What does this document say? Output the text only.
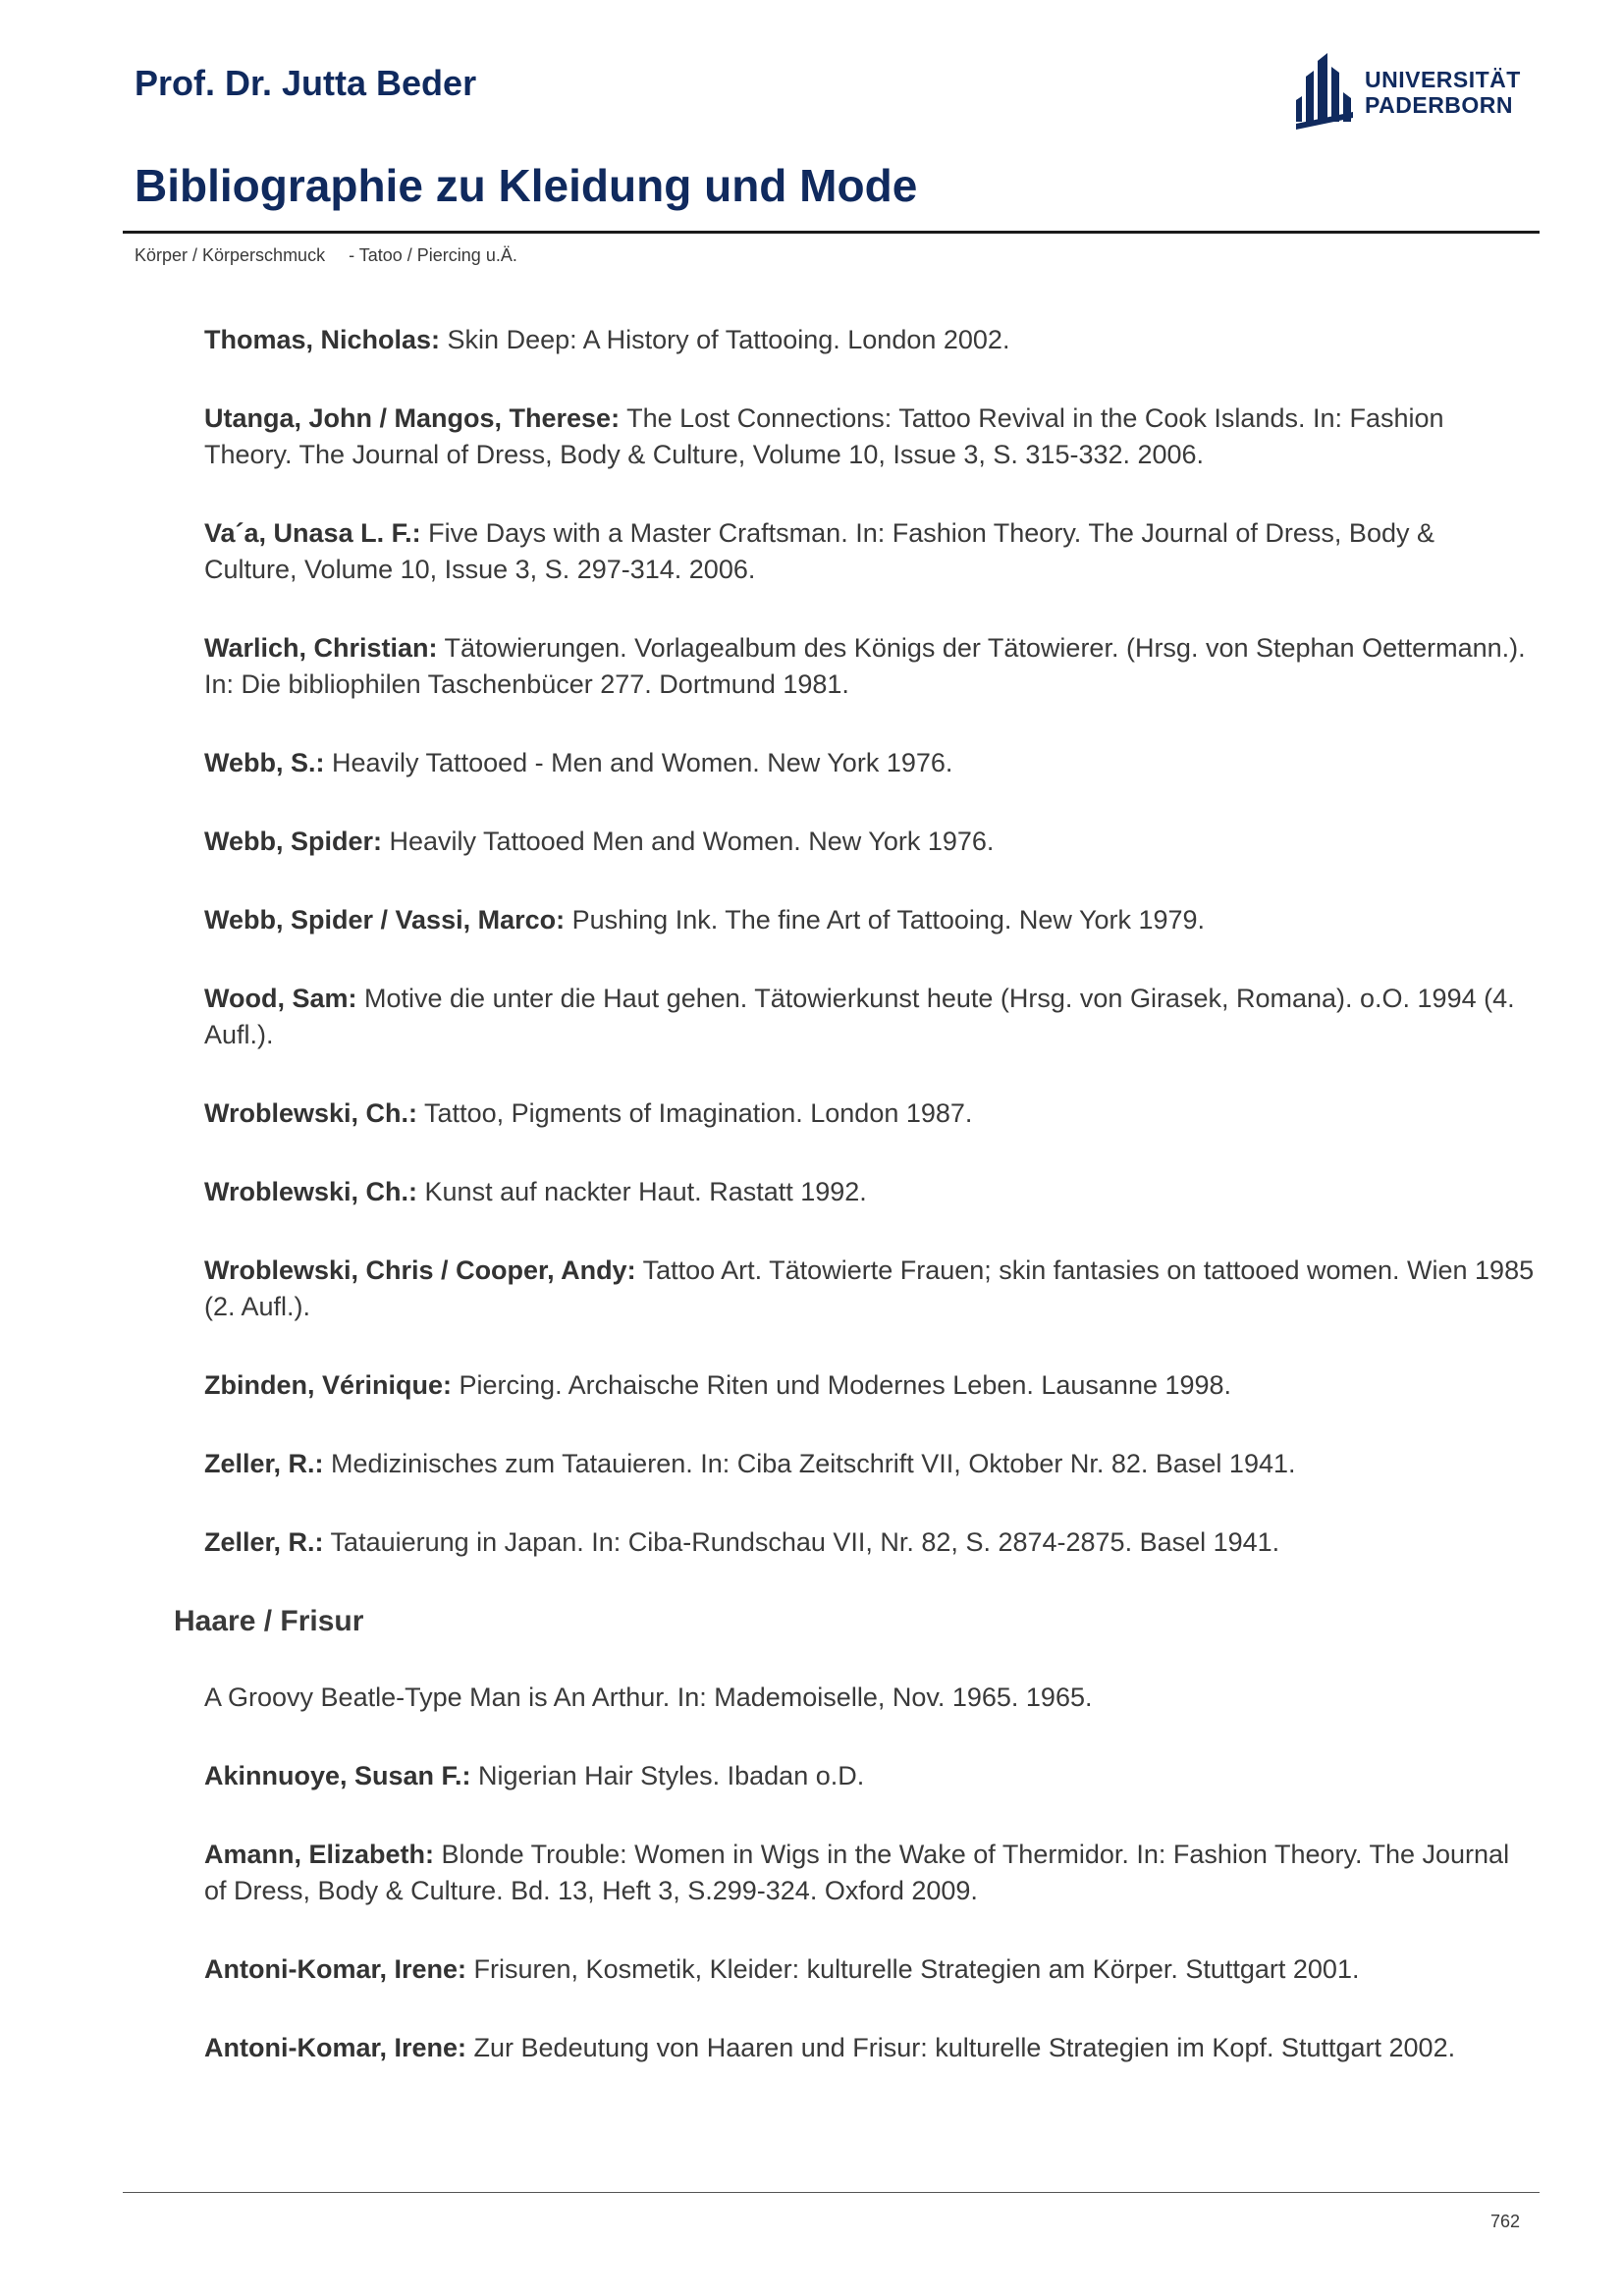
Prof. Dr. Jutta Beder	UNIVERSITÄT
PADERBORN
Bibliographie zu Kleidung und Mode
Körper / Körperschmuck - Tatoo / Piercing u.Ä.
Thomas, Nicholas: Skin Deep: A History of Tattooing. London 2002.
Utanga, John / Mangos, Therese: The Lost Connections: Tattoo Revival in the Cook Islands. In: Fashion Theory. The Journal of Dress, Body & Culture, Volume 10, Issue 3, S. 315-332. 2006.
Va´a, Unasa L. F.: Five Days with a Master Craftsman. In: Fashion Theory. The Journal of Dress, Body & Culture, Volume 10, Issue 3, S. 297-314. 2006.
Warlich, Christian: Tätowierungen. Vorlagealbum des Königs der Tätowierer. (Hrsg. von Stephan Oettermann.). In: Die bibliophilen Taschenbücer 277. Dortmund 1981.
Webb, S.: Heavily Tattooed - Men and Women. New York 1976.
Webb, Spider: Heavily Tattooed Men and Women. New York 1976.
Webb, Spider / Vassi, Marco: Pushing Ink. The fine Art of Tattooing. New York 1979.
Wood, Sam: Motive die unter die Haut gehen. Tätowierkunst heute (Hrsg. von Girasek, Romana). o.O. 1994 (4. Aufl.).
Wroblewski, Ch.: Tattoo, Pigments of Imagination. London 1987.
Wroblewski, Ch.: Kunst auf nackter Haut. Rastatt 1992.
Wroblewski, Chris / Cooper, Andy: Tattoo Art. Tätowierte Frauen; skin fantasies on tattooed women. Wien 1985 (2. Aufl.).
Zbinden, Vérinique: Piercing. Archaische Riten und Modernes Leben. Lausanne 1998.
Zeller, R.: Medizinisches zum Tatauieren. In: Ciba Zeitschrift VII, Oktober Nr. 82. Basel 1941.
Zeller, R.: Tatauierung in Japan. In: Ciba-Rundschau VII, Nr. 82, S. 2874-2875. Basel 1941.
Haare / Frisur
A Groovy Beatle-Type Man is An Arthur. In: Mademoiselle, Nov. 1965. 1965.
Akinnuoye, Susan F.: Nigerian Hair Styles. Ibadan o.D.
Amann, Elizabeth: Blonde Trouble: Women in Wigs in the Wake of Thermidor. In: Fashion Theory. The Journal of Dress, Body & Culture. Bd. 13, Heft 3, S.299-324. Oxford 2009.
Antoni-Komar, Irene: Frisuren, Kosmetik, Kleider: kulturelle Strategien am Körper. Stuttgart 2001.
Antoni-Komar, Irene: Zur Bedeutung von Haaren und Frisur: kulturelle Strategien im Kopf. Stuttgart 2002.
762
